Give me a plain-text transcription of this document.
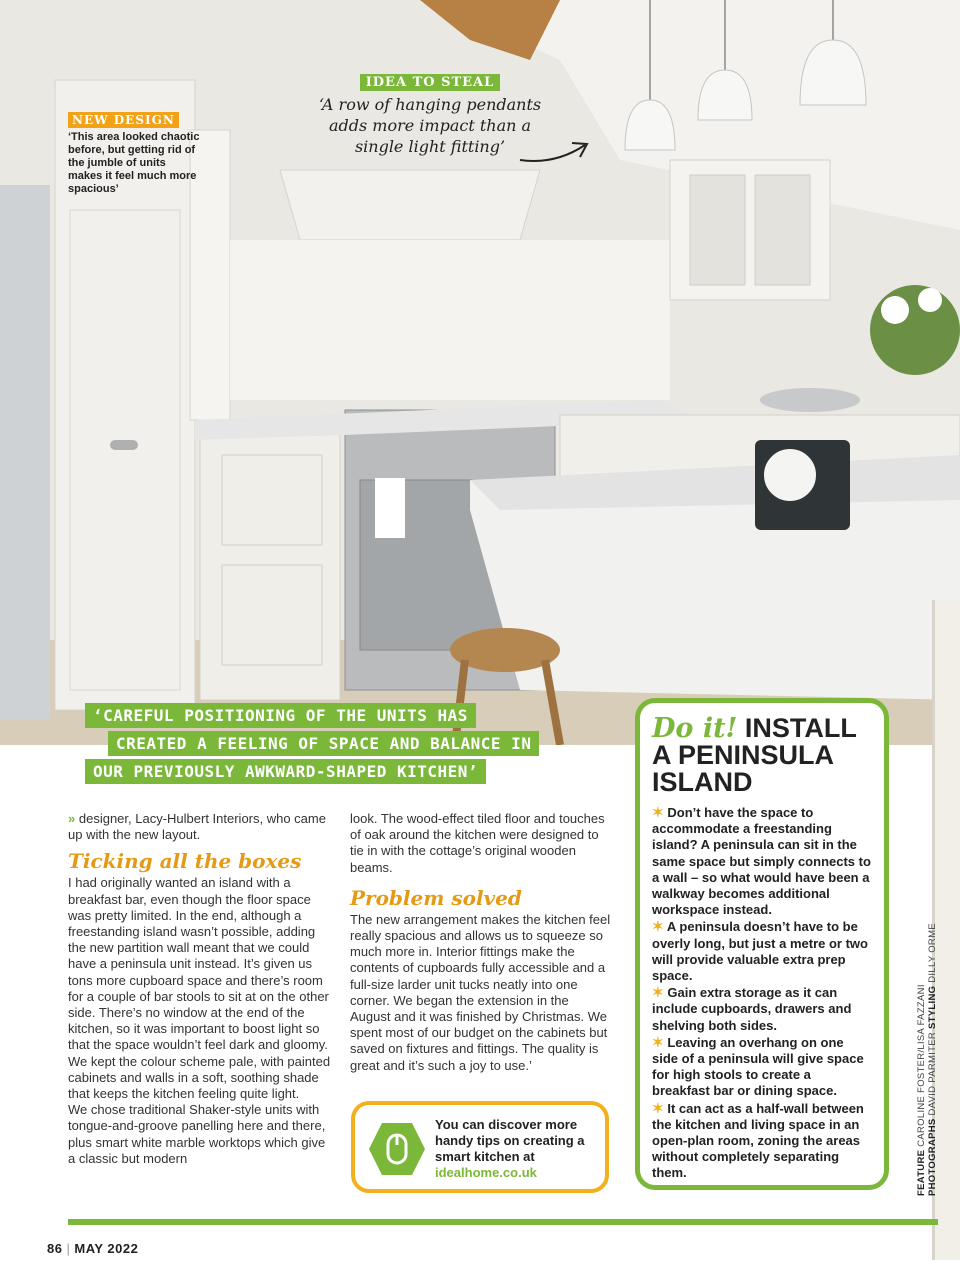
NEW DESIGN
‘This area looked chaotic before, but getting rid of the jumble of units makes it feel much more spacious’
IDEA TO STEAL
‘A row of hanging pendants adds more impact than a single light fitting’
‘CAREFUL POSITIONING OF THE UNITS HAS
CREATED A FEELING OF SPACE AND BALANCE IN
OUR PREVIOUSLY AWKWARD-SHAPED KITCHEN’

» designer, Lacy-Hulbert Interiors, who came up with the new layout.

Ticking all the boxes

I had originally wanted an island with a breakfast bar, even though the floor space was pretty limited. In the end, although a freestanding island wasn’t possible, adding the new partition wall meant that we could have a peninsula unit instead. It’s given us tons more cupboard space and there’s room for a couple of bar stools to sit at on the other side. There’s no window at the end of the kitchen, so it was important to boost light so that the space wouldn’t feel dark and gloomy. We kept the colour scheme pale, with painted cabinets and walls in a soft, soothing shade that keeps the kitchen feeling quite light.

We chose traditional Shaker-style units with tongue-and-groove panelling here and there, plus smart white marble worktops which give a classic but modern

look. The wood-effect tiled floor and touches of oak around the kitchen were designed to tie in with the cottage’s original wooden beams.

Problem solved

The new arrangement makes the kitchen feel really spacious and allows us to squeeze so much more in. Interior fittings make the contents of cupboards fully accessible and a full-size larder unit tucks neatly into one corner. We began the extension in the August and it was finished by Christmas. We spent most of our budget on the cabinets but saved on fixtures and fittings. The quality is great and it’s such a joy to use.’

You can discover more handy tips on creating a smart kitchen at idealhome.co.uk
Do it! INSTALL A PENINSULA ISLAND
✶ Don’t have the space to accommodate a freestanding island? A peninsula can sit in the same space but simply connects to a wall – so what would have been a walkway becomes additional workspace instead.
✶ A peninsula doesn’t have to be overly long, but just a metre or two will provide valuable extra prep space.
✶ Gain extra storage as it can include cupboards, drawers and shelving both sides.
✶ Leaving an overhang on one side of a peninsula will give space for high stools to create a breakfast bar or dining space.
✶ It can act as a half-wall between the kitchen and living space in an open-plan room, zoning the areas without completely separating them.	FEATURE CAROLINE FOSTER/LISA FAZZANI
PHOTOGRAPHS DAVID PARMITER STYLING DILLY ORME
86 | MAY 2022
